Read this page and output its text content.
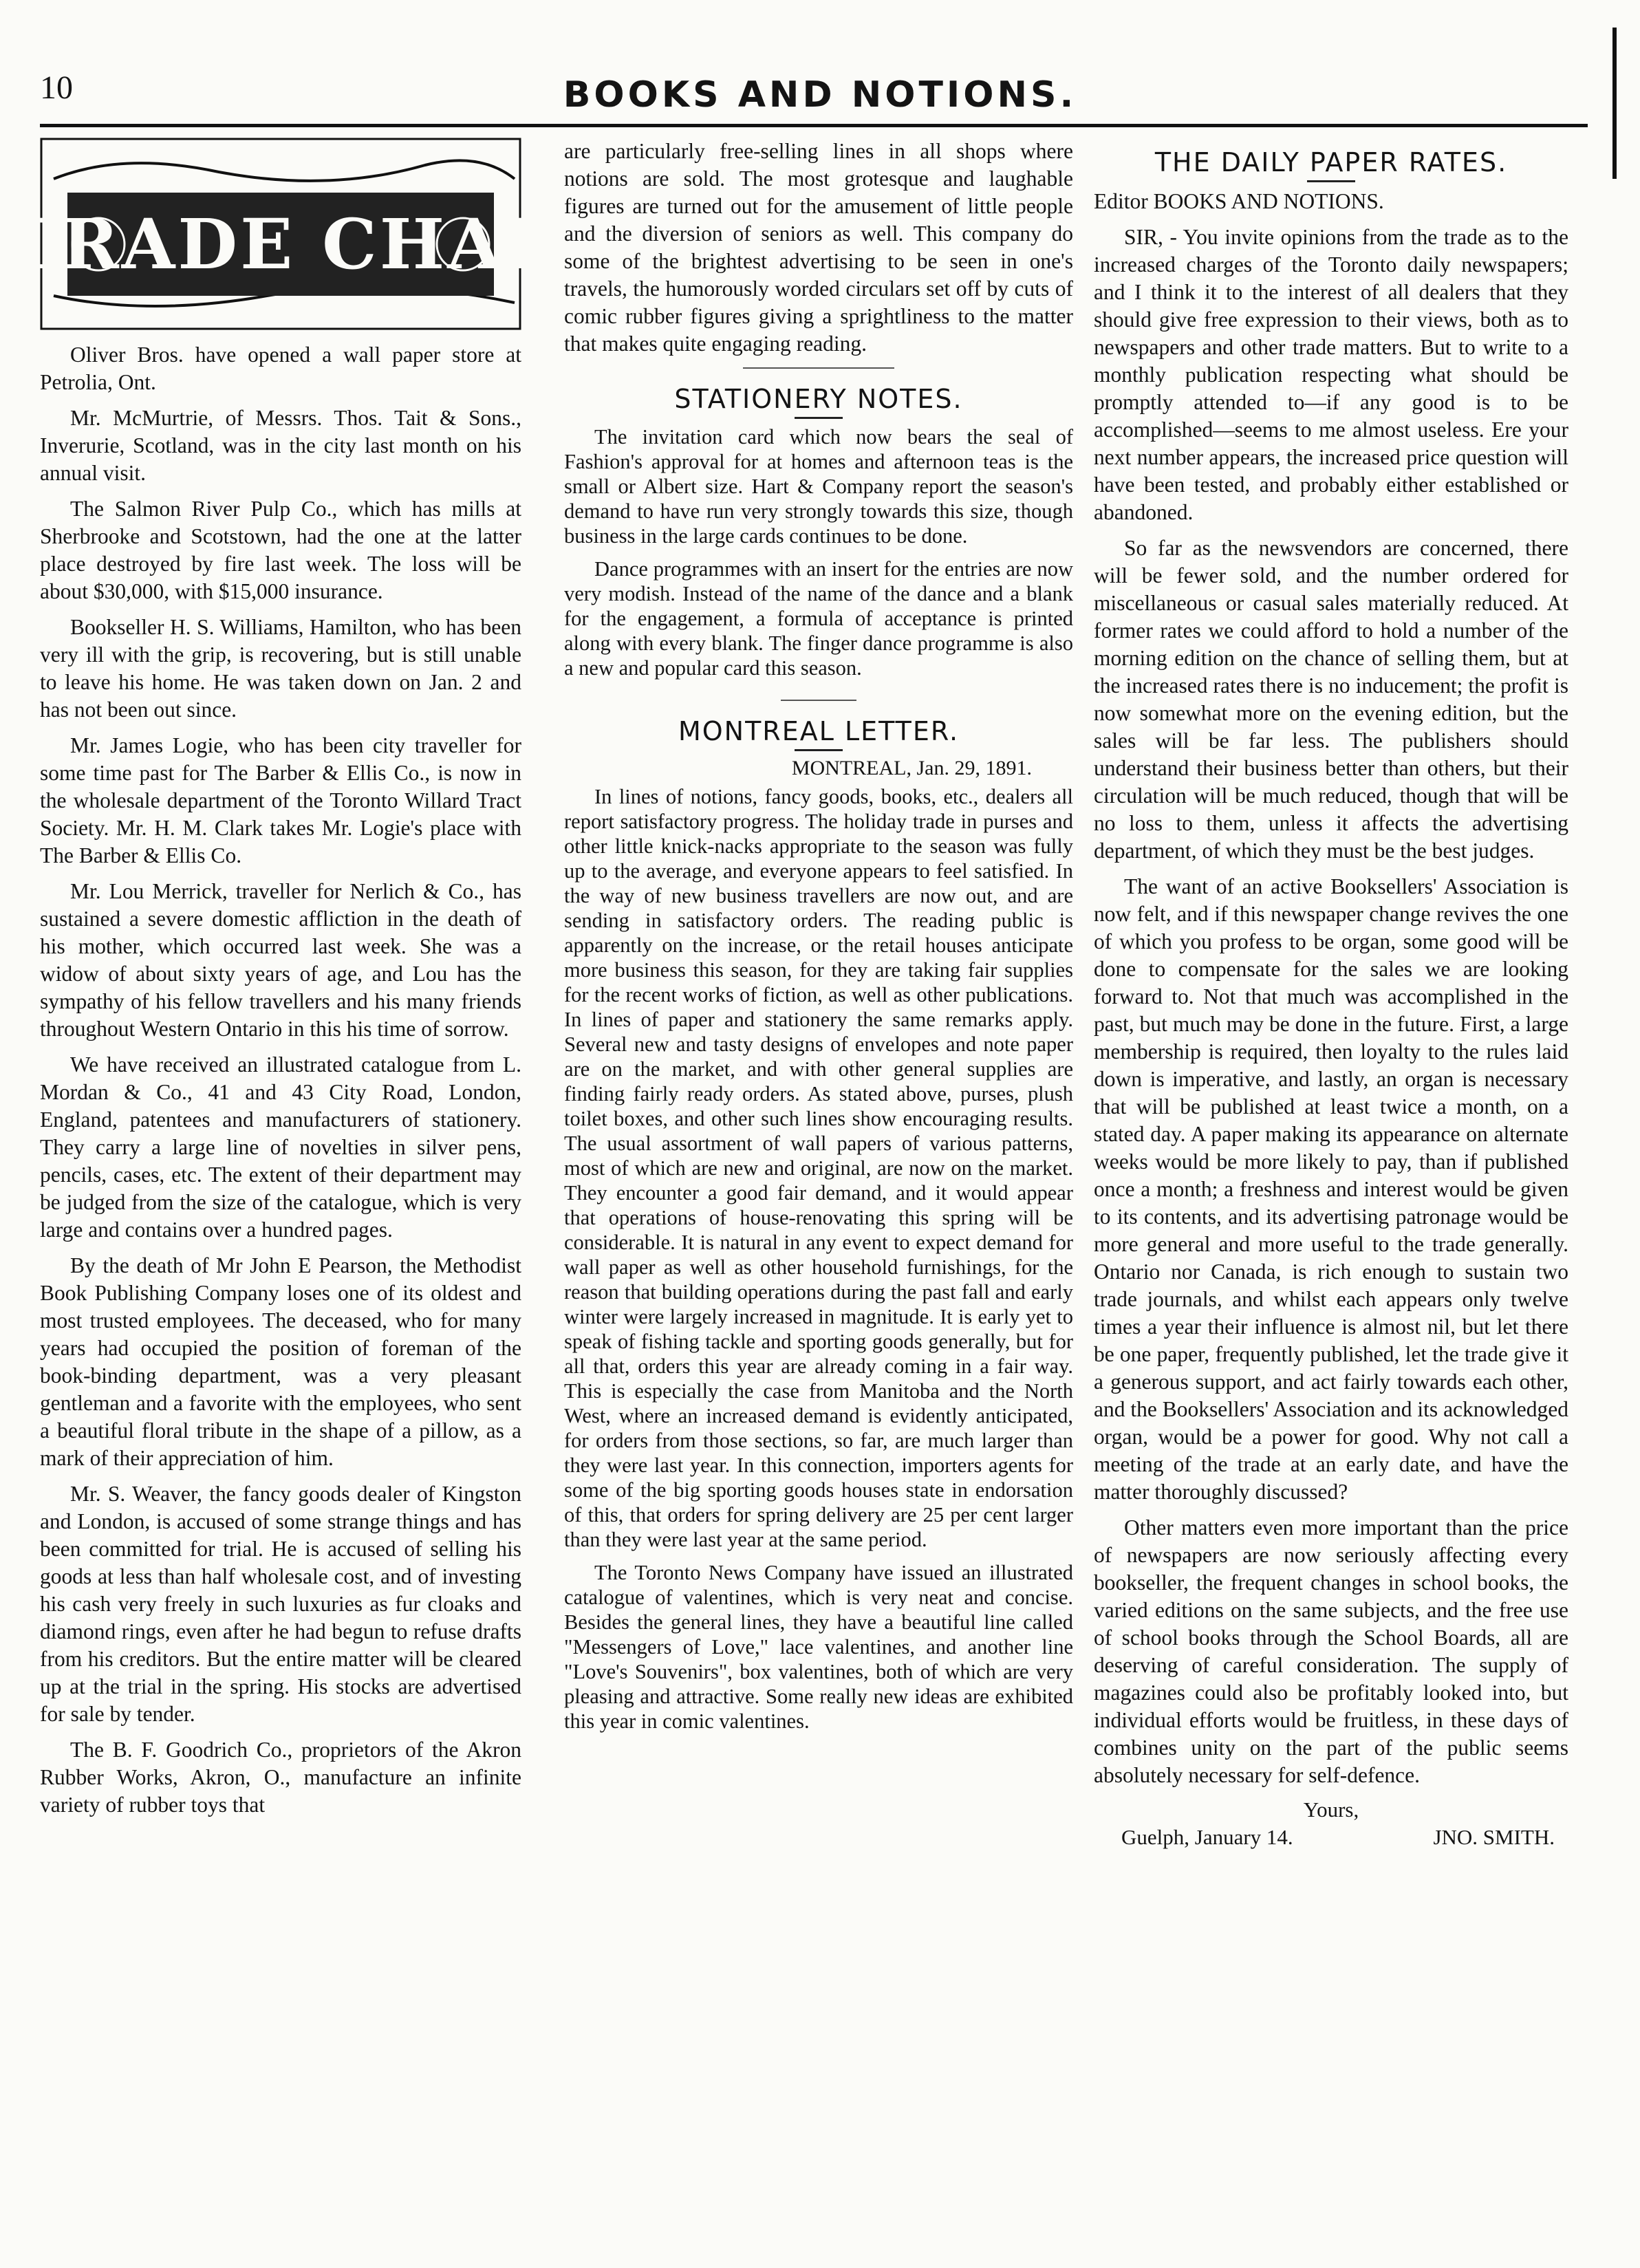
10	BOOKS AND NOTIONS.
TRADE CHAT

Oliver Bros. have opened a wall paper store at Petrolia, Ont.

Mr. McMurtrie, of Messrs. Thos. Tait & Sons., Inverurie, Scotland, was in the city last month on his annual visit.

The Salmon River Pulp Co., which has mills at Sherbrooke and Scotstown, had the one at the latter place destroyed by fire last week. The loss will be about $30,000, with $15,000 insurance.

Bookseller H. S. Williams, Hamilton, who has been very ill with the grip, is recovering, but is still unable to leave his home. He was taken down on Jan. 2 and has not been out since.

Mr. James Logie, who has been city traveller for some time past for The Barber & Ellis Co., is now in the wholesale department of the Toronto Willard Tract Society. Mr. H. M. Clark takes Mr. Logie's place with The Barber & Ellis Co.

Mr. Lou Merrick, traveller for Nerlich & Co., has sustained a severe domestic affliction in the death of his mother, which occurred last week. She was a widow of about sixty years of age, and Lou has the sympathy of his fellow travellers and his many friends throughout Western Ontario in this his time of sorrow.

We have received an illustrated catalogue from L. Mordan & Co., 41 and 43 City Road, London, England, patentees and manufacturers of stationery. They carry a large line of novelties in silver pens, pencils, cases, etc. The extent of their department may be judged from the size of the catalogue, which is very large and contains over a hundred pages.

By the death of Mr John E Pearson, the Methodist Book Publishing Company loses one of its oldest and most trusted employees. The deceased, who for many years had occupied the position of foreman of the book-binding department, was a very pleasant gentleman and a favorite with the employees, who sent a beautiful floral tribute in the shape of a pillow, as a mark of their appreciation of him.

Mr. S. Weaver, the fancy goods dealer of Kingston and London, is accused of some strange things and has been committed for trial. He is accused of selling his goods at less than half wholesale cost, and of investing his cash very freely in such luxuries as fur cloaks and diamond rings, even after he had begun to refuse drafts from his creditors. But the entire matter will be cleared up at the trial in the spring. His stocks are advertised for sale by tender.

The B. F. Goodrich Co., proprietors of the Akron Rubber Works, Akron, O., manufacture an infinite variety of rubber toys that

are particularly free-selling lines in all shops where notions are sold. The most grotesque and laughable figures are turned out for the amusement of little people and the diversion of seniors as well. This company do some of the brightest advertising to be seen in one's travels, the humorously worded circulars set off by cuts of comic rubber figures giving a sprightliness to the matter that makes quite engaging reading.

STATIONERY NOTES.

The invitation card which now bears the seal of Fashion's approval for at homes and afternoon teas is the small or Albert size. Hart & Company report the season's demand to have run very strongly towards this size, though business in the large cards continues to be done.

Dance programmes with an insert for the entries are now very modish. Instead of the name of the dance and a blank for the engagement, a formula of acceptance is printed along with every blank. The finger dance programme is also a new and popular card this season.

MONTREAL LETTER.
MONTREAL, Jan. 29, 1891.

In lines of notions, fancy goods, books, etc., dealers all report satisfactory progress. The holiday trade in purses and other little knick-nacks appropriate to the season was fully up to the average, and everyone appears to feel satisfied. In the way of new business travellers are now out, and are sending in satisfactory orders. The reading public is apparently on the increase, or the retail houses anticipate more business this season, for they are taking fair supplies for the recent works of fiction, as well as other publications. In lines of paper and stationery the same remarks apply. Several new and tasty designs of envelopes and note paper are on the market, and with other general supplies are finding fairly ready orders. As stated above, purses, plush toilet boxes, and other such lines show encouraging results. The usual assortment of wall papers of various patterns, most of which are new and original, are now on the market. They encounter a good fair demand, and it would appear that operations of house-renovating this spring will be considerable. It is natural in any event to expect demand for wall paper as well as other household furnishings, for the reason that building operations during the past fall and early winter were largely increased in magnitude. It is early yet to speak of fishing tackle and sporting goods generally, but for all that, orders this year are already coming in a fair way. This is especially the case from Manitoba and the North West, where an increased demand is evidently anticipated, for orders from those sections, so far, are much larger than they were last year. In this connection, importers agents for some of the big sporting goods houses state in endorsation of this, that orders for spring delivery are 25 per cent larger than they were last year at the same period.

The Toronto News Company have issued an illustrated catalogue of valentines, which is very neat and concise. Besides the general lines, they have a beautiful line called "Messengers of Love," lace valentines, and another line "Love's Souvenirs", box valentines, both of which are very pleasing and attractive. Some really new ideas are exhibited this year in comic valentines.

THE DAILY PAPER RATES.

Editor BOOKS AND NOTIONS.

SIR, - You invite opinions from the trade as to the increased charges of the Toronto daily newspapers; and I think it to the interest of all dealers that they should give free expression to their views, both as to newspapers and other trade matters. But to write to a monthly publication respecting what should be promptly attended to—if any good is to be accomplished—seems to me almost useless. Ere your next number appears, the increased price question will have been tested, and probably either established or abandoned.

So far as the newsvendors are concerned, there will be fewer sold, and the number ordered for miscellaneous or casual sales materially reduced. At former rates we could afford to hold a number of the morning edition on the chance of selling them, but at the increased rates there is no inducement; the profit is now somewhat more on the evening edition, but the sales will be far less. The publishers should understand their business better than others, but their circulation will be much reduced, though that will be no loss to them, unless it affects the advertising department, of which they must be the best judges.

The want of an active Booksellers' Association is now felt, and if this newspaper change revives the one of which you profess to be organ, some good will be done to compensate for the sales we are looking forward to. Not that much was accomplished in the past, but much may be done in the future. First, a large membership is required, then loyalty to the rules laid down is imperative, and lastly, an organ is necessary that will be published at least twice a month, on a stated day. A paper making its appearance on alternate weeks would be more likely to pay, than if published once a month; a freshness and interest would be given to its contents, and its advertising patronage would be more general and more useful to the trade generally. Ontario nor Canada, is rich enough to sustain two trade journals, and whilst each appears only twelve times a year their influence is almost nil, but let there be one paper, frequently published, let the trade give it a generous support, and act fairly towards each other, and the Booksellers' Association and its acknowledged organ, would be a power for good. Why not call a meeting of the trade at an early date, and have the matter thoroughly discussed?

Other matters even more important than the price of newspapers are now seriously affecting every bookseller, the frequent changes in school books, the varied editions on the same subjects, and the free use of school books through the School Boards, all are deserving of careful consideration. The supply of magazines could also be profitably looked into, but individual efforts would be fruitless, in these days of combines unity on the part of the public seems absolutely necessary for self-defence.

Yours,
Guelph, January 14.	JNO. SMITH.
